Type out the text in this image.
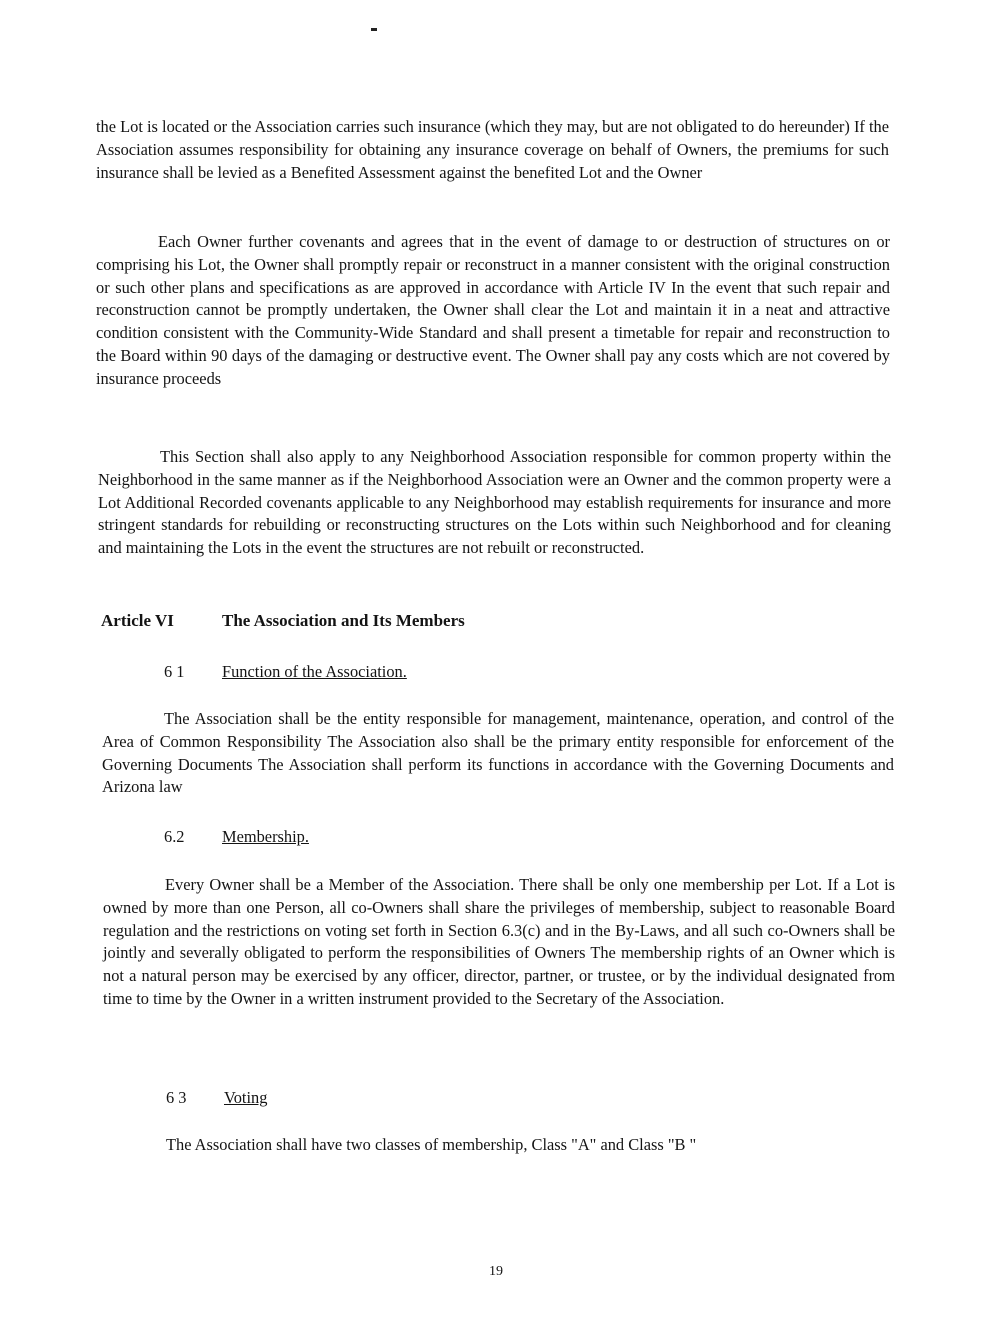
the Lot is located or the Association carries such insurance (which they may, but are not obligated to do hereunder) If the Association assumes responsibility for obtaining any insurance coverage on behalf of Owners, the premiums for such insurance shall be levied as a Benefited Assessment against the benefited Lot and the Owner

Each Owner further covenants and agrees that in the event of damage to or destruction of structures on or comprising his Lot, the Owner shall promptly repair or reconstruct in a manner consistent with the original construction or such other plans and specifications as are approved in accordance with Article IV In the event that such repair and reconstruction cannot be promptly undertaken, the Owner shall clear the Lot and maintain it in a neat and attractive condition consistent with the Community-Wide Standard and shall present a timetable for repair and reconstruction to the Board within 90 days of the damaging or destructive event. The Owner shall pay any costs which are not covered by insurance proceeds

This Section shall also apply to any Neighborhood Association responsible for common property within the Neighborhood in the same manner as if the Neighborhood Association were an Owner and the common property were a Lot Additional Recorded covenants applicable to any Neighborhood may establish requirements for insurance and more stringent standards for rebuilding or reconstructing structures on the Lots within such Neighborhood and for cleaning and maintaining the Lots in the event the structures are not rebuilt or reconstructed.

Article VI	The Association and Its Members
6 1 Function of the Association.

The Association shall be the entity responsible for management, maintenance, operation, and control of the Area of Common Responsibility The Association also shall be the primary entity responsible for enforcement of the Governing Documents The Association shall perform its functions in accordance with the Governing Documents and Arizona law

6.2 Membership.

Every Owner shall be a Member of the Association. There shall be only one membership per Lot. If a Lot is owned by more than one Person, all co-Owners shall share the privileges of membership, subject to reasonable Board regulation and the restrictions on voting set forth in Section 6.3(c) and in the By-Laws, and all such co-Owners shall be jointly and severally obligated to perform the responsibilities of Owners The membership rights of an Owner which is not a natural person may be exercised by any officer, director, partner, or trustee, or by the individual designated from time to time by the Owner in a written instrument provided to the Secretary of the Association.

6 3 Voting

The Association shall have two classes of membership, Class "A" and Class "B "

19
